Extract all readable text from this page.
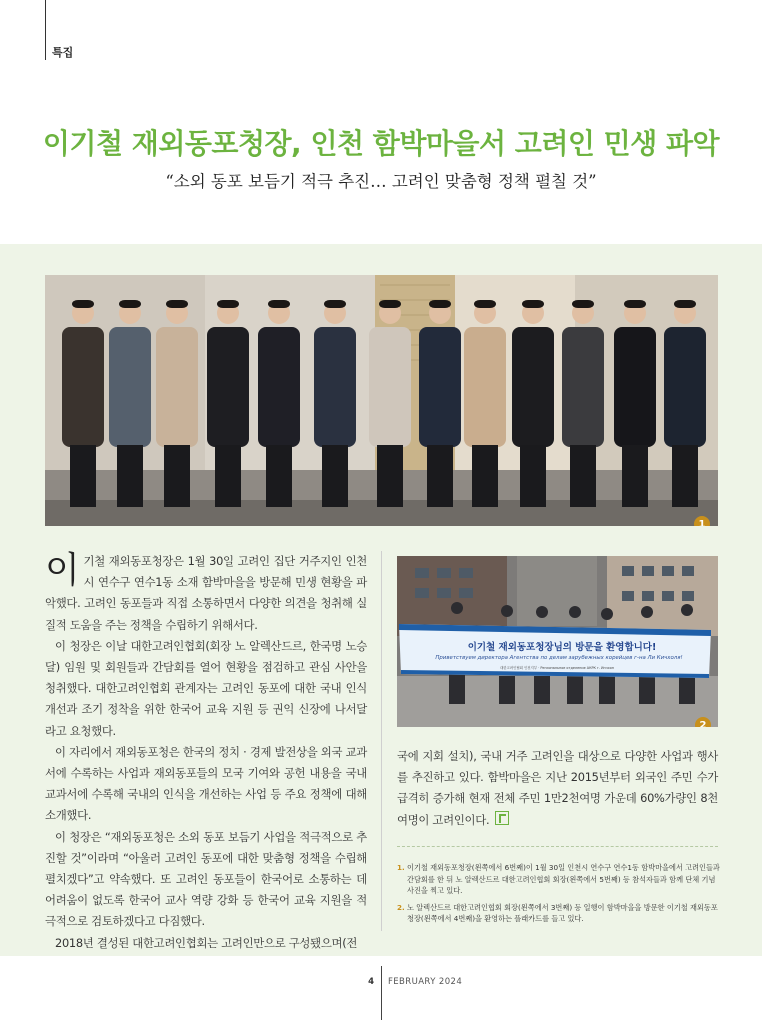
특집
이기철 재외동포청장, 인천 함박마을서 고려인 민생 파악
“소외 동포 보듬기 적극 추진… 고려인 맞춤형 정책 펼칠 것”
1
이기철 재외동포청장님의 방문을 환영합니다!
Приветствуем директора Агентства по делам зарубежных корейцев г-на Ли Кичхоля!
대한고려인협회 인천지부 · Региональное отделение АКРК г. Инчхон
2

이기철 재외동포청장은 1월 30일 고려인 집단 거주지인 인천시 연수구 연수1동 소재 함박마을을 방문해 민생 현황을 파악했다. 고려인 동포들과 직접 소통하면서 다양한 의견을 청취해 실질적 도움을 주는 정책을 수립하기 위해서다.

이 청장은 이날 대한고려인협회(회장 노 알렉산드르, 한국명 노승달) 임원 및 회원들과 간담회를 열어 현황을 점검하고 관심 사안을 청취했다. 대한고려인협회 관계자는 고려인 동포에 대한 국내 인식개선과 조기 정착을 위한 한국어 교육 지원 등 권익 신장에 나서달라고 요청했다.

이 자리에서 재외동포청은 한국의 정치 · 경제 발전상을 외국 교과서에 수록하는 사업과 재외동포들의 모국 기여와 공헌 내용을 국내 교과서에 수록해 국내의 인식을 개선하는 사업 등 주요 정책에 대해 소개했다.

이 청장은 “재외동포청은 소외 동포 보듬기 사업을 적극적으로 추진할 것”이라며 “아울러 고려인 동포에 대한 맞춤형 정책을 수립해 펼치겠다”고 약속했다. 또 고려인 동포들이 한국어로 소통하는 데 어려움이 없도록 한국어 교사 역량 강화 등 한국어 교육 지원을 적극적으로 검토하겠다고 다짐했다.

2018년 결성된 대한고려인협회는 고려인만으로 구성됐으며(전

국에 지회 설치), 국내 거주 고려인을 대상으로 다양한 사업과 행사를 추진하고 있다. 함박마을은 지난 2015년부터 외국인 주민 수가 급격히 증가해 현재 전체 주민 1만2천여명 가운데 60%가량인 8천여명이 고려인이다.

1. 이기철 재외동포청장(왼쪽에서 6번째)이 1월 30일 인천시 연수구 연수1동 함박마을에서 고려인들과 간담회를 한 뒤 노 알렉산드르 대한고려인협회 회장(왼쪽에서 5번째) 등 참석자들과 함께 단체 기념사진을 찍고 있다.
2. 노 알렉산드르 대한고려인협회 회장(왼쪽에서 3번째) 등 일행이 함박마을을 방문한 이기철 재외동포청장(왼쪽에서 4번째)을 환영하는 플래카드를 들고 있다.
4 FEBRUARY 2024
